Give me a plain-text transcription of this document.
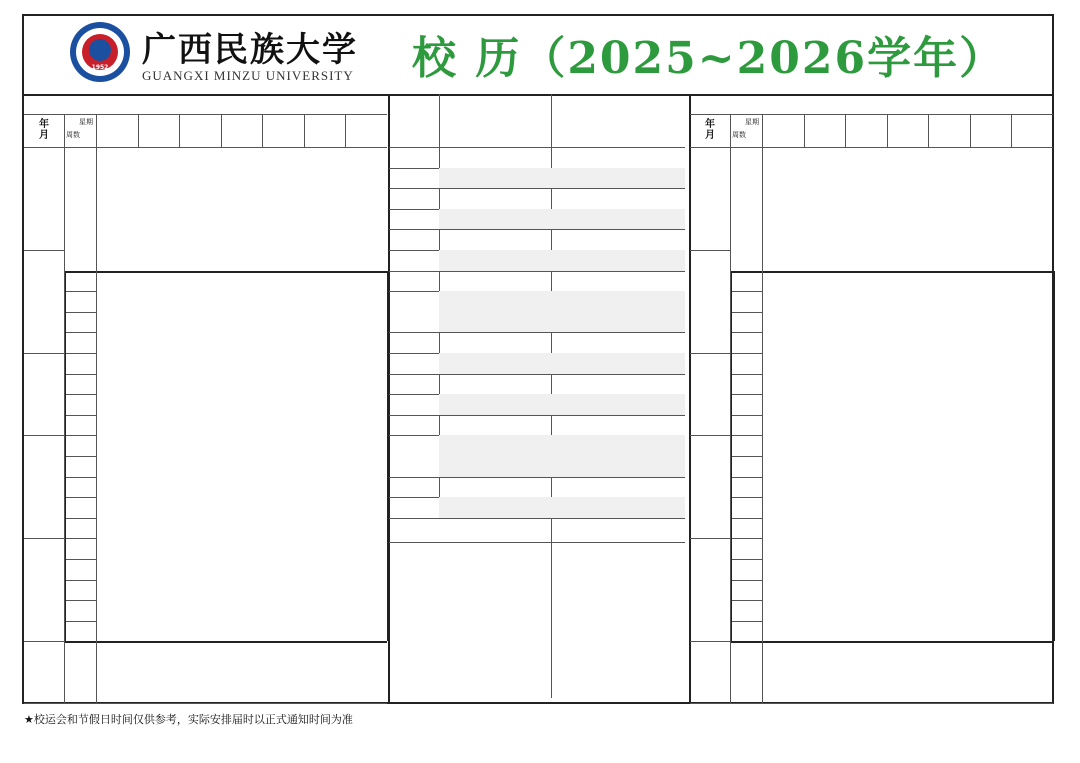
1952 广西民族大学
GUANGXI MINZU UNIVERSITY 校 历（2025~2026学年）
年
月
星期
周数
年
月
星期
周数
★校运会和节假日时间仅供参考，实际安排届时以正式通知时间为准
